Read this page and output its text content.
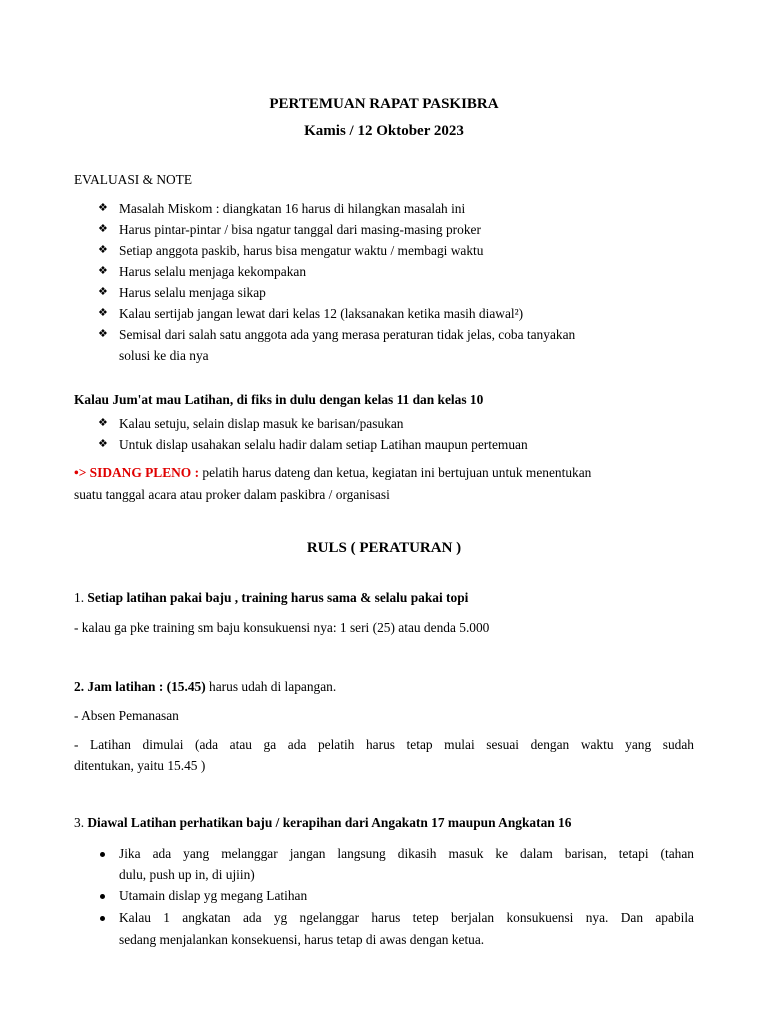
PERTEMUAN RAPAT PASKIBRA
Kamis / 12 Oktober 2023
EVALUASI & NOTE
❖ Masalah Miskom : diangkatan 16 harus di hilangkan masalah ini
❖ Harus pintar-pintar / bisa ngatur tanggal dari masing-masing proker
❖ Setiap anggota paskib, harus bisa mengatur waktu / membagi waktu
❖ Harus selalu menjaga kekompakan
❖ Harus selalu menjaga sikap
❖ Kalau sertijab jangan lewat dari kelas 12 (laksanakan ketika masih diawal²)
❖ Semisal dari salah satu anggota ada yang merasa peraturan tidak jelas, coba tanyakan
solusi ke dia nya
Kalau Jum'at mau Latihan, di fiks in dulu dengan kelas 11 dan kelas 10
❖ Kalau setuju, selain dislap masuk ke barisan/pasukan
❖ Untuk dislap usahakan selalu hadir dalam setiap Latihan maupun pertemuan
•> SIDANG PLENO : pelatih harus dateng dan ketua, kegiatan ini bertujuan untuk menentukan
suatu tanggal acara atau proker dalam paskibra / organisasi
RULS ( PERATURAN )
1. Setiap latihan pakai baju , training harus sama & selalu pakai topi
- kalau ga pke training sm baju konsukuensi nya: 1 seri (25) atau denda 5.000
2. Jam latihan : (15.45) harus udah di lapangan.
- Absen Pemanasan
- Latihan dimulai (ada atau ga ada pelatih harus tetap mulai sesuai dengan waktu yang sudah
ditentukan, yaitu 15.45 )
3. Diawal Latihan perhatikan baju / kerapihan dari Angakatn 17 maupun Angkatan 16
Jika ada yang melanggar jangan langsung dikasih masuk ke dalam barisan, tetapi (tahan
dulu, push up in, di ujiin)
Utamain dislap yg megang Latihan
Kalau 1 angkatan ada yg ngelanggar harus tetep berjalan konsukuensi nya. Dan apabila
sedang menjalankan konsekuensi, harus tetap di awas dengan ketua.
